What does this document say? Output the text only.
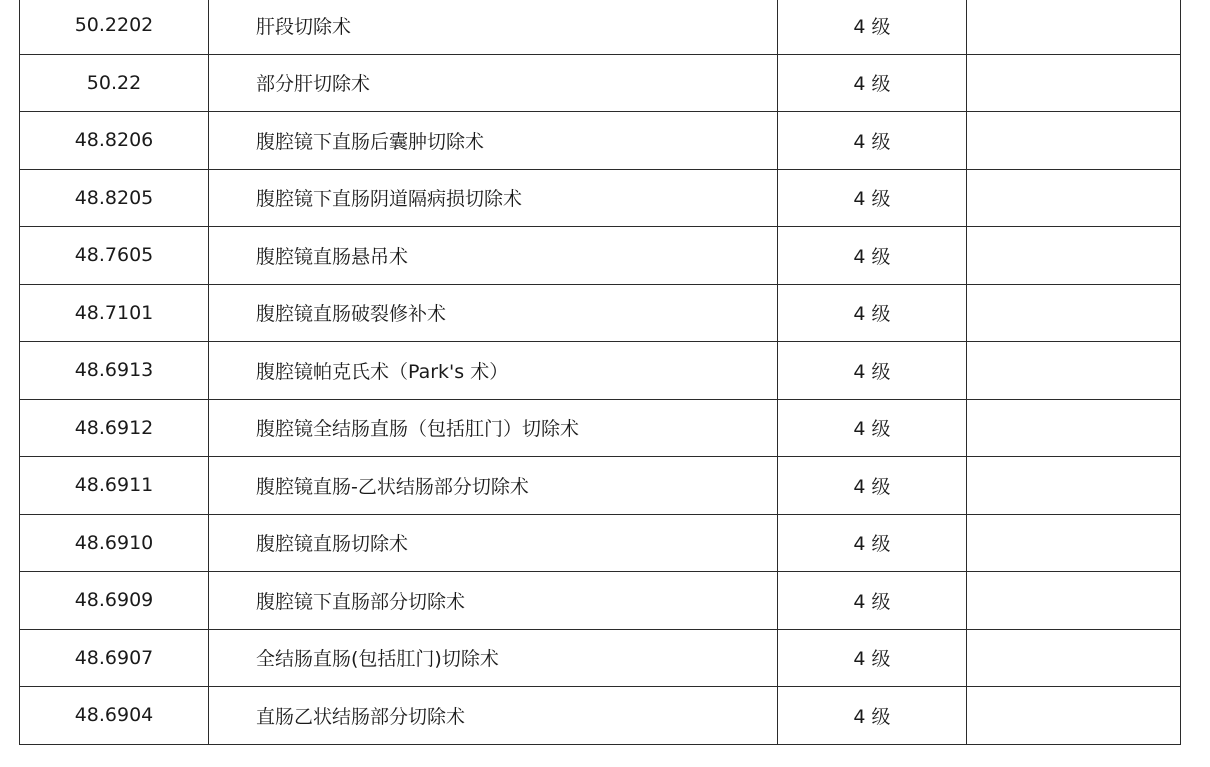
50.2202	肝段切除术	4 级	
50.22	部分肝切除术	4 级	
48.8206	腹腔镜下直肠后囊肿切除术	4 级	
48.8205	腹腔镜下直肠阴道隔病损切除术	4 级	
48.7605	腹腔镜直肠悬吊术	4 级	
48.7101	腹腔镜直肠破裂修补术	4 级	
48.6913	腹腔镜帕克氏术（Park's 术）	4 级	
48.6912	腹腔镜全结肠直肠（包括肛门）切除术	4 级	
48.6911	腹腔镜直肠-乙状结肠部分切除术	4 级	
48.6910	腹腔镜直肠切除术	4 级	
48.6909	腹腔镜下直肠部分切除术	4 级	
48.6907	全结肠直肠(包括肛门)切除术	4 级	
48.6904	直肠乙状结肠部分切除术	4 级	
